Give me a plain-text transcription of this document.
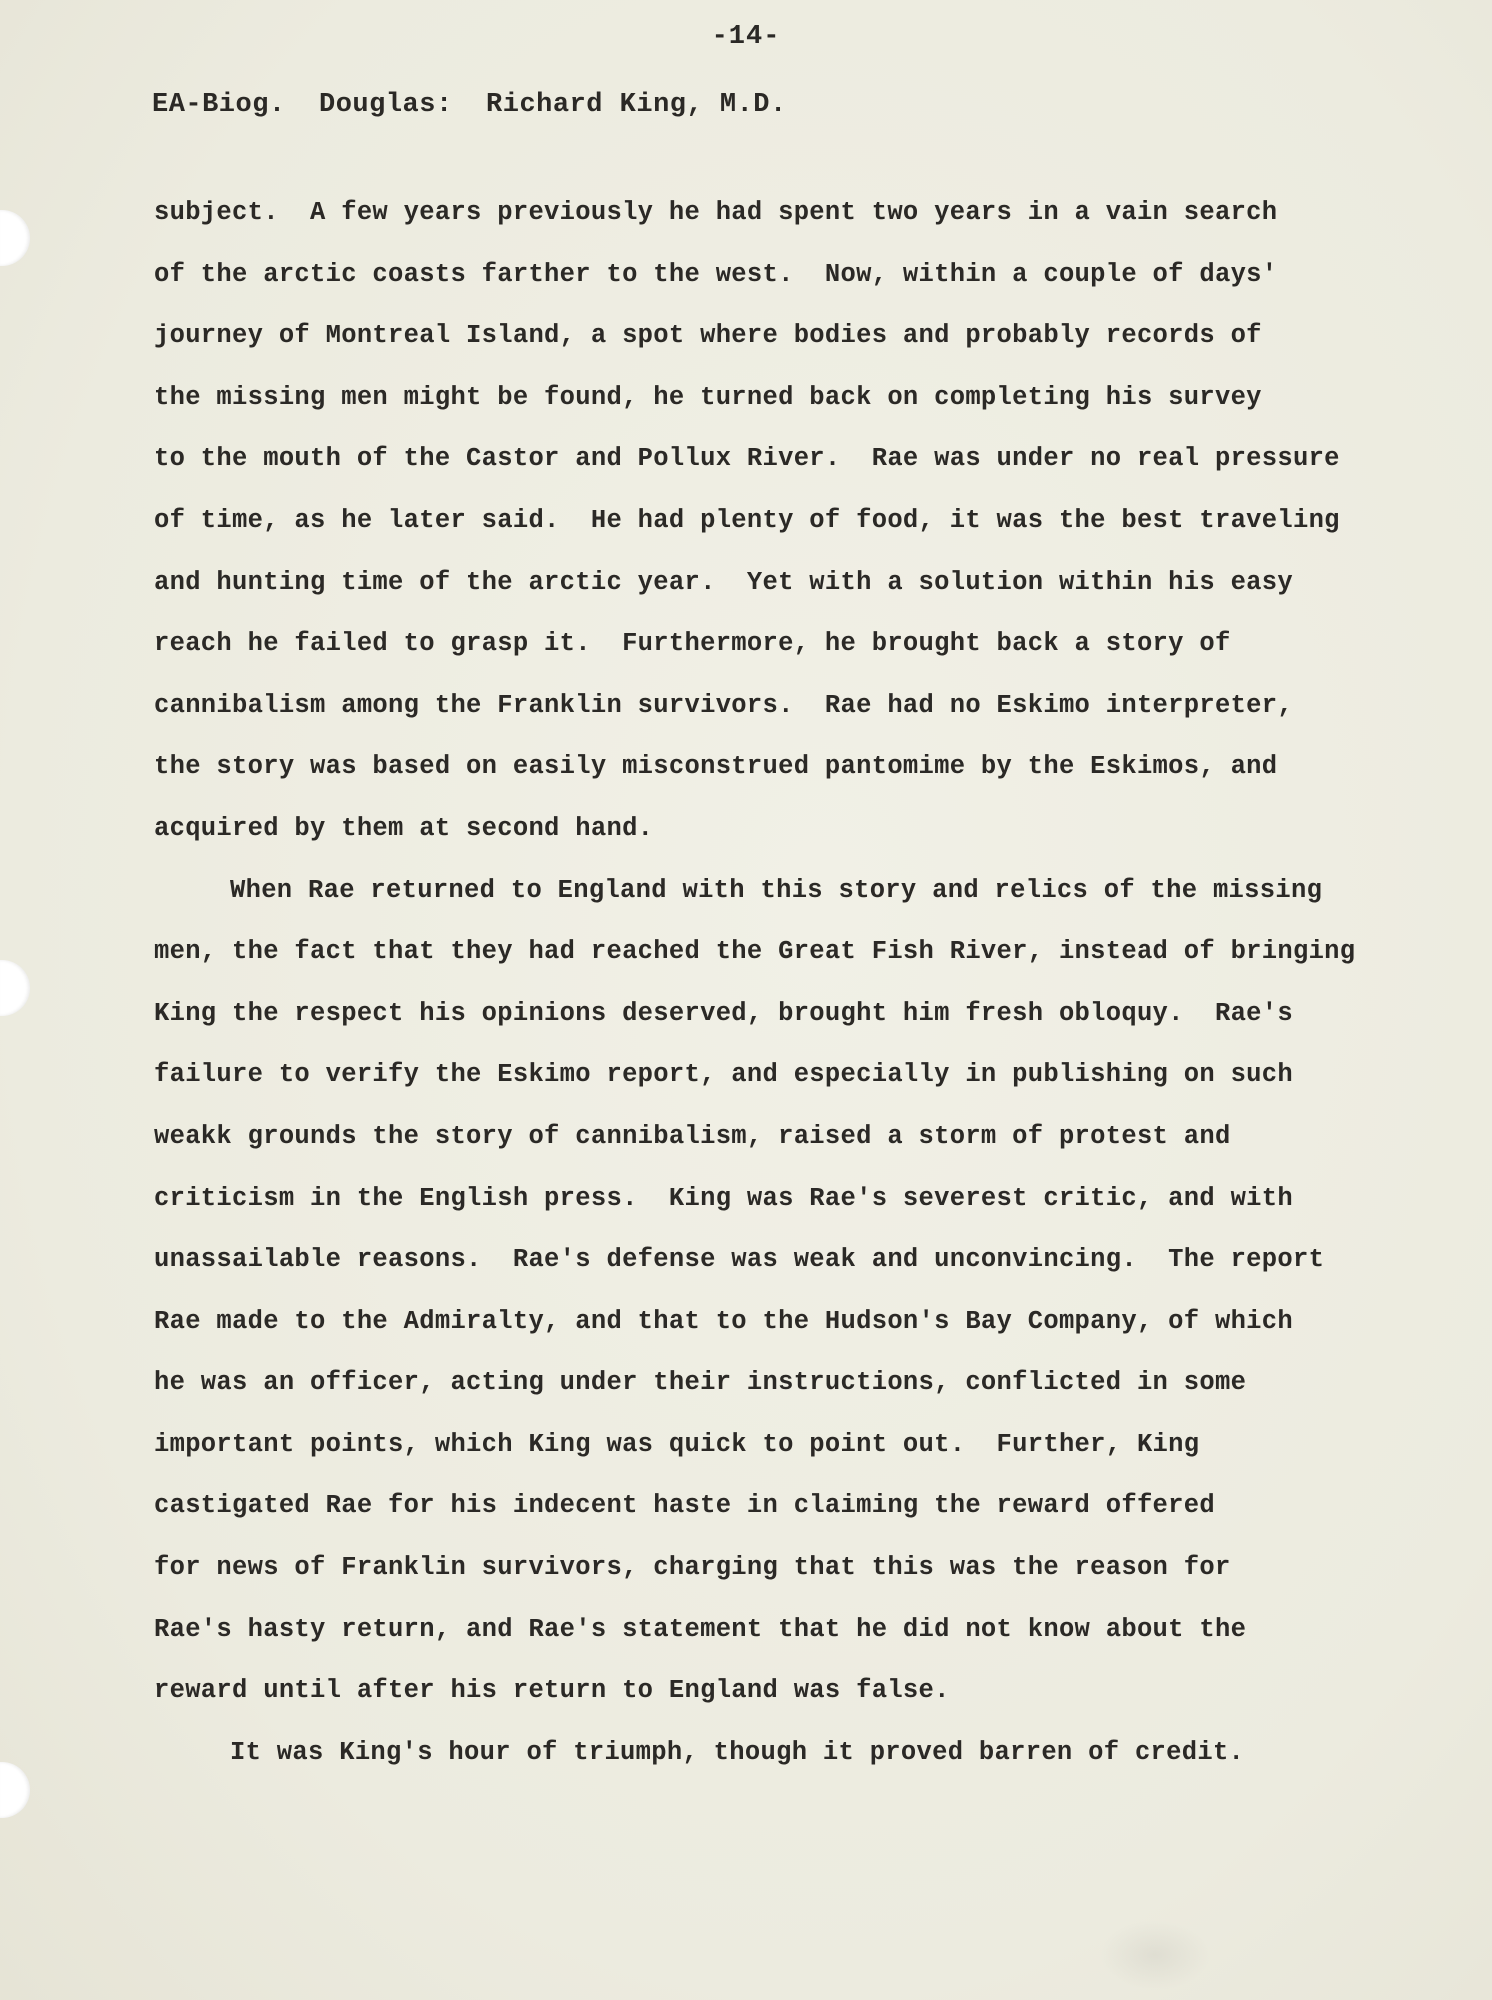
-14-
EA-Biog.  Douglas:  Richard King, M.D.
subject.  A few years previously he had spent two years in a vain search
of the arctic coasts farther to the west.  Now, within a couple of days'
journey of Montreal Island, a spot where bodies and probably records of
the missing men might be found, he turned back on completing his survey
to the mouth of the Castor and Pollux River.  Rae was under no real pressure
of time, as he later said.  He had plenty of food, it was the best traveling
and hunting time of the arctic year.  Yet with a solution within his easy
reach he failed to grasp it.  Furthermore, he brought back a story of
cannibalism among the Franklin survivors.  Rae had no Eskimo interpreter,
the story was based on easily misconstrued pantomime by the Eskimos, and
acquired by them at second hand.
When Rae returned to England with this story and relics of the missing
men, the fact that they had reached the Great Fish River, instead of bringing
King the respect his opinions deserved, brought him fresh obloquy.  Rae's
failure to verify the Eskimo report, and especially in publishing on such
weakk grounds the story of cannibalism, raised a storm of protest and
criticism in the English press.  King was Rae's severest critic, and with
unassailable reasons.  Rae's defense was weak and unconvincing.  The report
Rae made to the Admiralty, and that to the Hudson's Bay Company, of which
he was an officer, acting under their instructions, conflicted in some
important points, which King was quick to point out.  Further, King
castigated Rae for his indecent haste in claiming the reward offered
for news of Franklin survivors, charging that this was the reason for
Rae's hasty return, and Rae's statement that he did not know about the
reward until after his return to England was false.
It was King's hour of triumph, though it proved barren of credit.
